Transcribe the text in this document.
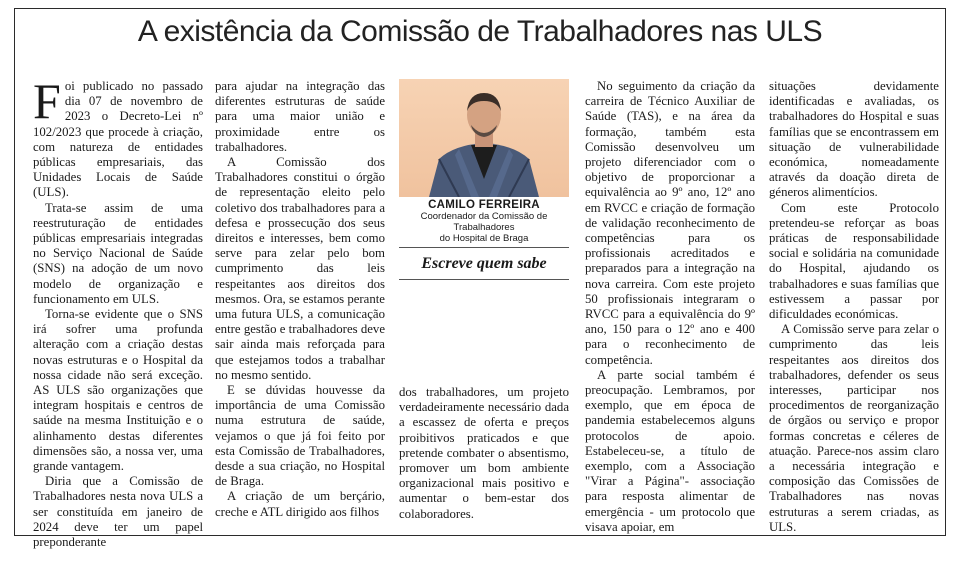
A existência da Comissão de Trabalhadores nas ULS

Foi publicado no passado dia 07 de novembro de 2023 o Decreto-Lei nº 102/2023 que procede à criação, com natureza de entidades públicas empresariais, das Unidades Locais de Saúde (ULS).

Trata-se assim de uma reestruturação de entidades públicas empresariais integradas no Serviço Nacional de Saúde (SNS) na adoção de um novo modelo de organização e funcionamento em ULS.

Torna-se evidente que o SNS irá sofrer uma profunda alteração com a criação destas novas estruturas e o Hospital da nossa cidade não será exceção. AS ULS são organizações que integram hospitais e centros de saúde na mesma Instituição e o alinhamento destas diferentes dimensões são, a nossa ver, uma grande vantagem.

Diria que a Comissão de Trabalhadores nesta nova ULS a ser constituída em janeiro de 2024 deve ter um papel preponderante

para ajudar na integração das diferentes estruturas de saúde para uma maior união e proximidade entre os trabalhadores.

A Comissão dos Trabalhadores constitui o órgão de representação eleito pelo coletivo dos trabalhadores para a defesa e prossecução dos seus direitos e interesses, bem como serve para zelar pelo bom cumprimento das leis respeitantes aos direitos dos mesmos. Ora, se estamos perante uma futura ULS, a comunicação entre gestão e trabalhadores deve sair ainda mais reforçada para que estejamos todos a trabalhar no mesmo sentido.

E se dúvidas houvesse da importância de uma Comissão numa estrutura de saúde, vejamos o que já foi feito por esta Comissão de Trabalhadores, desde a sua criação, no Hospital de Braga.

A criação de um berçário, creche e ATL dirigido aos filhos

CAMILO FERREIRA
Coordenador da Comissão de Trabalhadores
do Hospital de Braga
Escreve quem sabe

dos trabalhadores, um projeto verdadeiramente necessário dada a escassez de oferta e preços proibitivos praticados e que pretende combater o absentismo, promover um bom ambiente organizacional mais positivo e aumentar o bem-estar dos colaboradores.

No seguimento da criação da carreira de Técnico Auxiliar de Saúde (TAS), e na área da formação, também esta Comissão desenvolveu um projeto diferenciador com o objetivo de proporcionar a equivalência ao 9º ano, 12º ano em RVCC e criação de formação de validação reconhecimento de competências para os profissionais acreditados e preparados para a integração na nova carreira. Com este projeto 50 profissionais integraram o RVCC para a equivalência do 9º ano, 150 para o 12º ano e 400 para o reconhecimento de competência.

A parte social também é preocupação. Lembramos, por exemplo, que em época de pandemia estabelecemos alguns protocolos de apoio. Estabeleceu-se, a título de exemplo, com a Associação "Virar a Página"- associação para resposta alimentar de emergência - um protocolo que visava apoiar, em

situações devidamente identificadas e avaliadas, os trabalhadores do Hospital e suas famílias que se encontrassem em situação de vulnerabilidade económica, nomeadamente através da doação direta de géneros alimentícios.

Com este Protocolo pretendeu-se reforçar as boas práticas de responsabilidade social e solidária na comunidade do Hospital, ajudando os trabalhadores e suas famílias que estivessem a passar por dificuldades económicas.

A Comissão serve para zelar o cumprimento das leis respeitantes aos direitos dos trabalhadores, defender os seus interesses, participar nos procedimentos de reorganização de órgãos ou serviço e propor formas concretas e céleres de atuação. Parece-nos assim claro a necessária integração e composição das Comissões de Trabalhadores nas novas estruturas a serem criadas, as ULS.
